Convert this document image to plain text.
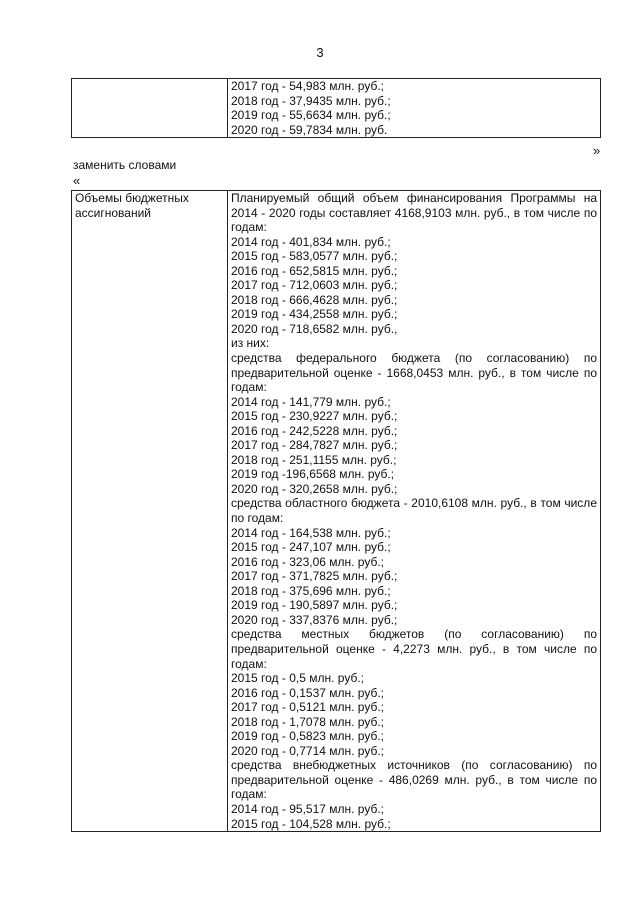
3

2017 год - 54,983 млн. руб.;
2018 год - 37,9435 млн. руб.;
2019 год - 55,6634 млн. руб.;
2020 год - 59,7834 млн. руб.
»
заменить словами
«
Объемы бюджетных ассигнований	
Планируемый общий объем финансирования Программы на 2014 - 2020 годы составляет 4168,9103 млн. руб., в том числе по годам:
2014 год - 401,834 млн. руб.;
2015 год - 583,0577 млн. руб.;
2016 год - 652,5815 млн. руб.;
2017 год - 712,0603 млн. руб.;
2018 год - 666,4628 млн. руб.;
2019 год - 434,2558 млн. руб.;
2020 год - 718,6582 млн. руб.,
из них:
средства федерального бюджета (по согласованию) по предварительной оценке - 1668,0453 млн. руб., в том числе по годам:
2014 год - 141,779 млн. руб.;
2015 год - 230,9227 млн. руб.;
2016 год - 242,5228 млн. руб.;
2017 год - 284,7827 млн. руб.;
2018 год - 251,1155 млн. руб.;
2019 год -196,6568 млн. руб.;
2020 год - 320,2658 млн. руб.;
средства областного бюджета - 2010,6108 млн. руб., в том числе по годам:
2014 год - 164,538 млн. руб.;
2015 год - 247,107 млн. руб.;
2016 год - 323,06 млн. руб.;
2017 год - 371,7825 млн. руб.;
2018 год - 375,696 млн. руб.;
2019 год - 190,5897 млн. руб.;
2020 год - 337,8376 млн. руб.;
средства местных бюджетов (по согласованию) по предварительной оценке - 4,2273 млн. руб., в том числе по годам:
2015 год - 0,5 млн. руб.;
2016 год - 0,1537 млн. руб.;
2017 год - 0,5121 млн. руб.;
2018 год - 1,7078 млн. руб.;
2019 год - 0,5823 млн. руб.;
2020 год - 0,7714 млн. руб.;
средства внебюджетных источников (по согласованию) по предварительной оценке - 486,0269 млн. руб., в том числе по годам:
2014 год - 95,517 млн. руб.;
2015 год - 104,528 млн. руб.;
